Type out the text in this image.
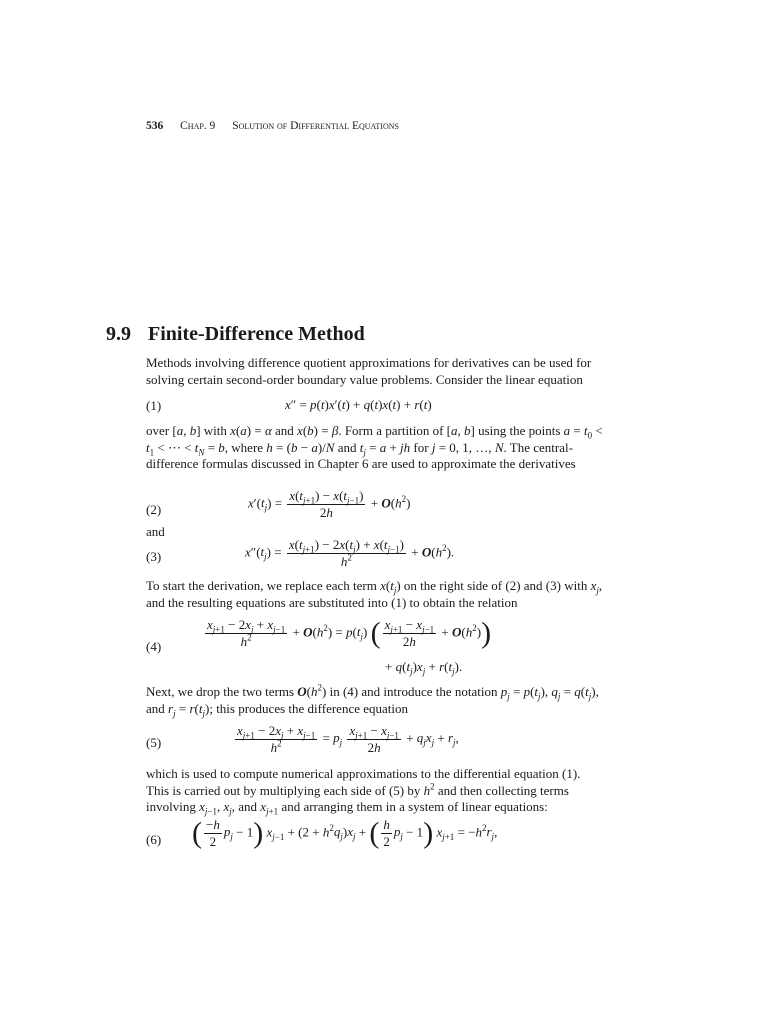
536 Chap. 9 Solution of Differential Equations
9.9 Finite-Difference Method
Methods involving difference quotient approximations for derivatives can be used for solving certain second-order boundary value problems. Consider the linear equation
(1)	x″ = p(t)x′(t) + q(t)x(t) + r(t)
over [a, b] with x(a) = α and x(b) = β. Form a partition of [a, b] using the points $a = t_0 < t_1$ < ⋯ < $t_N = b$, where h = (b − a)/N and $t_j = a$ + jh for j = 0, 1, …, N. The central-difference formulas discussed in Chapter 6 are used to approximate the derivatives
(2)	$x'(t_j) = \frac{x(t_{j+1}) - x(t_{j-1})}{2h} + O(h^2)$
and
(3)	$x''(t_j) = \frac{x(t_{j+1}) - 2x(t_j) + x(t_{j-1})}{h^2} + O(h^2)$.
To start the derivation, we replace each term $x(t_j)$ on the right side of (2) and (3) with $x_j$, and the resulting equations are substituted into (1) to obtain the relation
(4)	$\frac{x_{j+1} - 2x_j + x_{j-1}}{h^2} + O(h^2) = p(t_j)$ ( $\frac{x_{j+1} - x_{j-1}}{2h} + O(h^2)$)
+ $q(t_j)x_j + r(t_j)$.
Next, we drop the two terms $O(h^2)$ in (4) and introduce the notation $p_j = p(t_j)$, $q_j = q(t_j)$, and $r_j = r(t_j)$; this produces the difference equation
(5)	$\frac{x_{j+1} - 2x_j + x_{j-1}}{h^2} = p_j \frac{x_{j+1} - x_{j-1}}{2h} + q_jx_j + r_j$,
which is used to compute numerical approximations to the differential equation (1). This is carried out by multiplying each side of (5) by $h^2$ and then collecting terms involving $x_{j-1}$, $x_j$, and $x_{j+1}$ and arranging them in a system of linear equations:
(6) ( $\frac{-h}{2} p_j - 1$) $x_{j-1} + (2 + h^2q_j)x_j$ + ( $\frac{h}{2} p_j - 1$) $x_{j+1} = -h^2r_j$,
